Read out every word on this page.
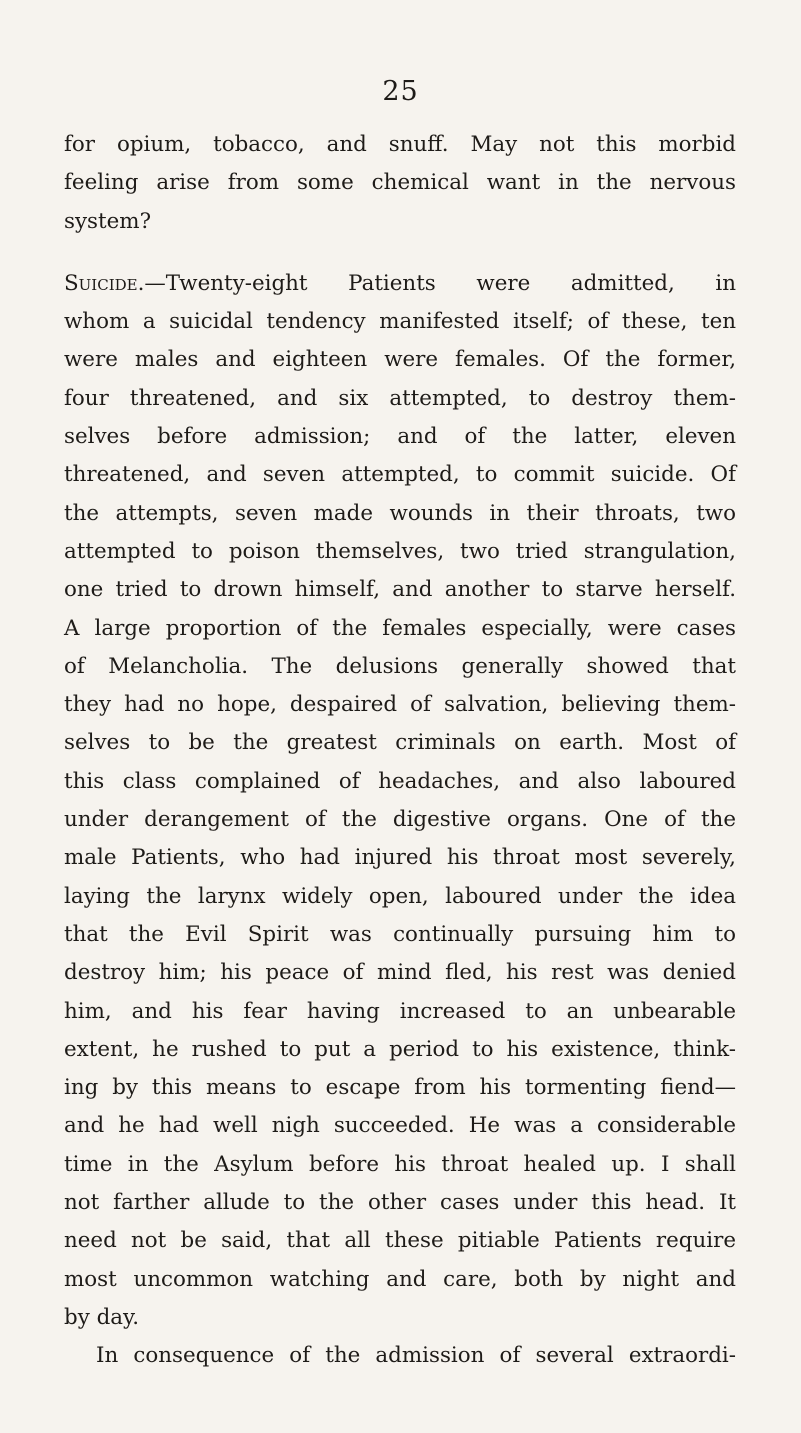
25
for opium, tobacco, and snuff. May not this morbid
feeling arise from some chemical want in the nervous
system?
Suicide.—Twenty-eight Patients were admitted, in
whom a suicidal tendency manifested itself; of these, ten
were males and eighteen were females. Of the former,
four threatened, and six attempted, to destroy them-
selves before admission; and of the latter, eleven
threatened, and seven attempted, to commit suicide. Of
the attempts, seven made wounds in their throats, two
attempted to poison themselves, two tried strangulation,
one tried to drown himself, and another to starve herself.
A large proportion of the females especially, were cases
of Melancholia. The delusions generally showed that
they had no hope, despaired of salvation, believing them-
selves to be the greatest criminals on earth. Most of
this class complained of headaches, and also laboured
under derangement of the digestive organs. One of the
male Patients, who had injured his throat most severely,
laying the larynx widely open, laboured under the idea
that the Evil Spirit was continually pursuing him to
destroy him; his peace of mind fled, his rest was denied
him, and his fear having increased to an unbearable
extent, he rushed to put a period to his existence, think-
ing by this means to escape from his tormenting fiend—
and he had well nigh succeeded. He was a considerable
time in the Asylum before his throat healed up. I shall
not farther allude to the other cases under this head. It
need not be said, that all these pitiable Patients require
most uncommon watching and care, both by night and
by day.
In consequence of the admission of several extraordi-
